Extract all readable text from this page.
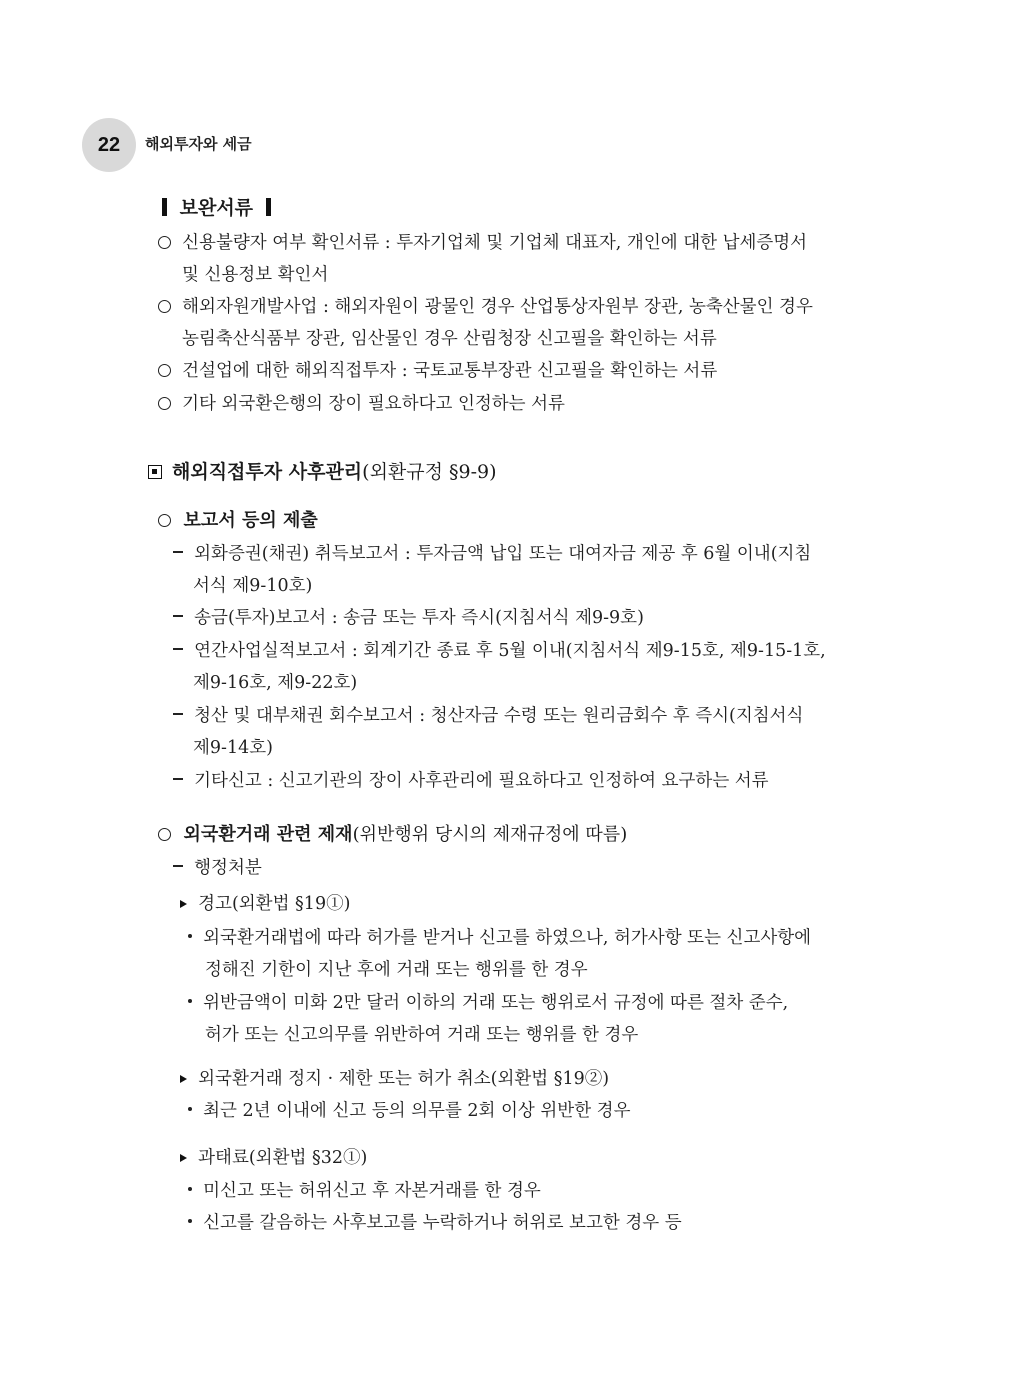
22	해외투자와 세금
보완서류
신용불량자 여부 확인서류 : 투자기업체 및 기업체 대표자, 개인에 대한 납세증명서
및 신용정보 확인서
해외자원개발사업 : 해외자원이 광물인 경우 산업통상자원부 장관, 농축산물인 경우
농림축산식품부 장관, 임산물인 경우 산림청장 신고필을 확인하는 서류
건설업에 대한 해외직접투자 : 국토교통부장관 신고필을 확인하는 서류
기타 외국환은행의 장이 필요하다고 인정하는 서류
해외직접투자 사후관리(외환규정 §9-9)
보고서 등의 제출
외화증권(채권) 취득보고서 : 투자금액 납입 또는 대여자금 제공 후 6월 이내(지침
서식 제9-10호)
송금(투자)보고서 : 송금 또는 투자 즉시(지침서식 제9-9호)
연간사업실적보고서 : 회계기간 종료 후 5월 이내(지침서식 제9-15호, 제9-15-1호,
제9-16호, 제9-22호)
청산 및 대부채권 회수보고서 : 청산자금 수령 또는 원리금회수 후 즉시(지침서식
제9-14호)
기타신고 : 신고기관의 장이 사후관리에 필요하다고 인정하여 요구하는 서류
외국환거래 관련 제재(위반행위 당시의 제재규정에 따름)
행정처분
경고(외환법 §19①)
외국환거래법에 따라 허가를 받거나 신고를 하였으나, 허가사항 또는 신고사항에
정해진 기한이 지난 후에 거래 또는 행위를 한 경우
위반금액이 미화 2만 달러 이하의 거래 또는 행위로서 규정에 따른 절차 준수,
허가 또는 신고의무를 위반하여 거래 또는 행위를 한 경우
외국환거래 정지 · 제한 또는 허가 취소(외환법 §19②)
최근 2년 이내에 신고 등의 의무를 2회 이상 위반한 경우
과태료(외환법 §32①)
미신고 또는 허위신고 후 자본거래를 한 경우
신고를 갈음하는 사후보고를 누락하거나 허위로 보고한 경우 등
